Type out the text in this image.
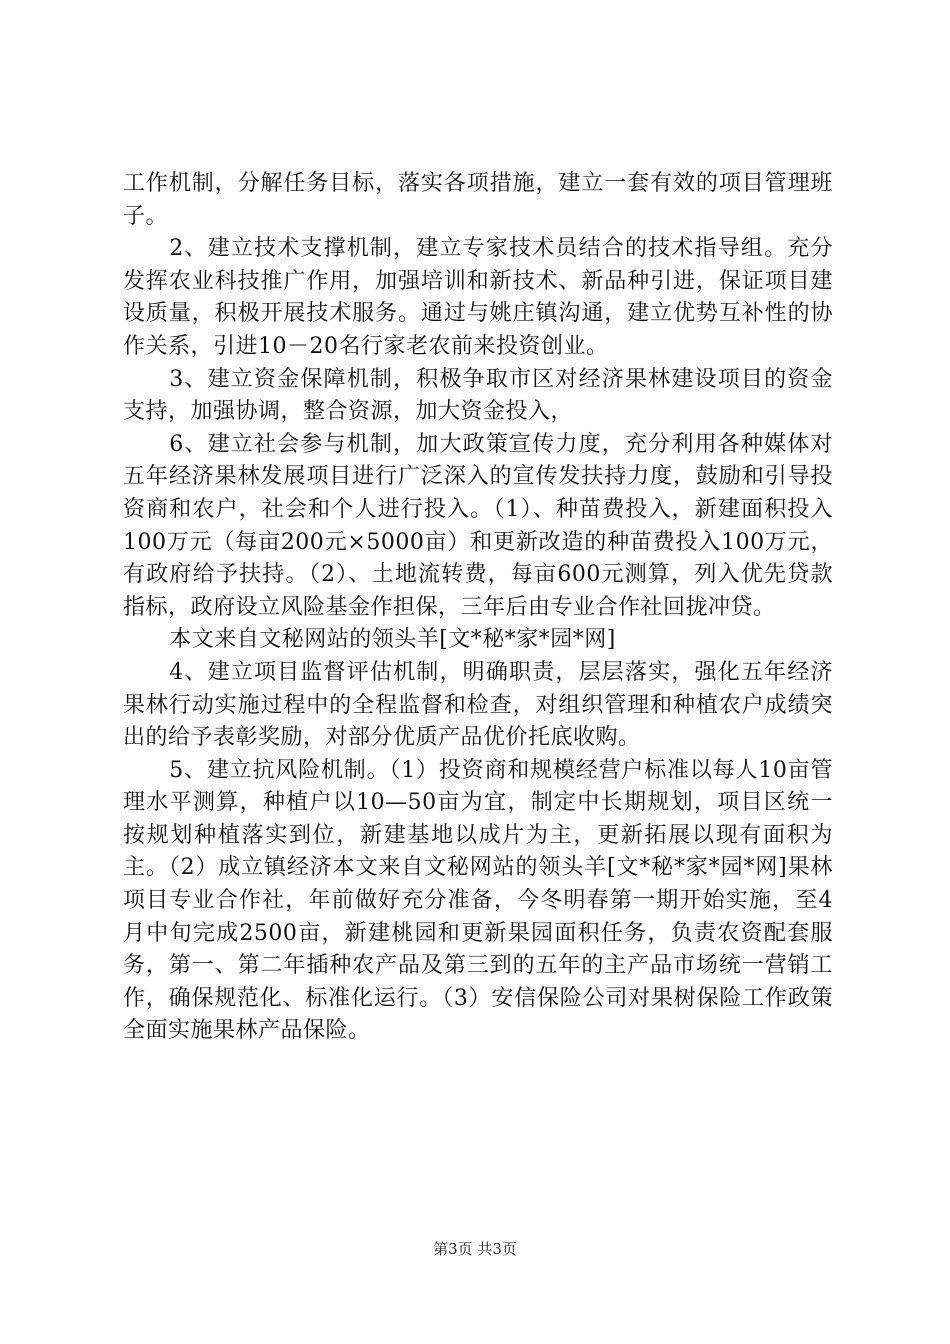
工作机制，分解任务目标，落实各项措施，建立一套有效的项目管理班子。

2、建立技术支撑机制，建立专家技术员结合的技术指导组。充分发挥农业科技推广作用，加强培训和新技术、新品种引进，保证项目建设质量，积极开展技术服务。通过与姚庄镇沟通，建立优势互补性的协作关系，引进10－20名行家老农前来投资创业。

3、建立资金保障机制，积极争取市区对经济果林建设项目的资金支持，加强协调，整合资源，加大资金投入，

6、建立社会参与机制，加大政策宣传力度，充分利用各种媒体对五年经济果林发展项目进行广泛深入的宣传发扶持力度，鼓励和引导投资商和农户，社会和个人进行投入。（1）、种苗费投入，新建面积投入100万元（每亩200元×5000亩）和更新改造的种苗费投入100万元，有政府给予扶持。（2）、土地流转费，每亩600元测算，列入优先贷款指标，政府设立风险基金作担保，三年后由专业合作社回拢冲贷。

本文来自文秘网站的领头羊[文*秘*家*园*网]

4、建立项目监督评估机制，明确职责，层层落实，强化五年经济果林行动实施过程中的全程监督和检查，对组织管理和种植农户成绩突出的给予表彰奖励，对部分优质产品优价托底收购。

5、建立抗风险机制。（1）投资商和规模经营户标准以每人10亩管理水平测算，种植户以10—50亩为宜，制定中长期规划，项目区统一按规划种植落实到位，新建基地以成片为主，更新拓展以现有面积为主。（2）成立镇经济本文来自文秘网站的领头羊[文*秘*家*园*网]果林项目专业合作社，年前做好充分准备，今冬明春第一期开始实施，至4月中旬完成2500亩，新建桃园和更新果园面积任务，负责农资配套服务，第一、第二年插种农产品及第三到的五年的主产品市场统一营销工作，确保规范化、标准化运行。（3）安信保险公司对果树保险工作政策全面实施果林产品保险。

第3页 共3页
